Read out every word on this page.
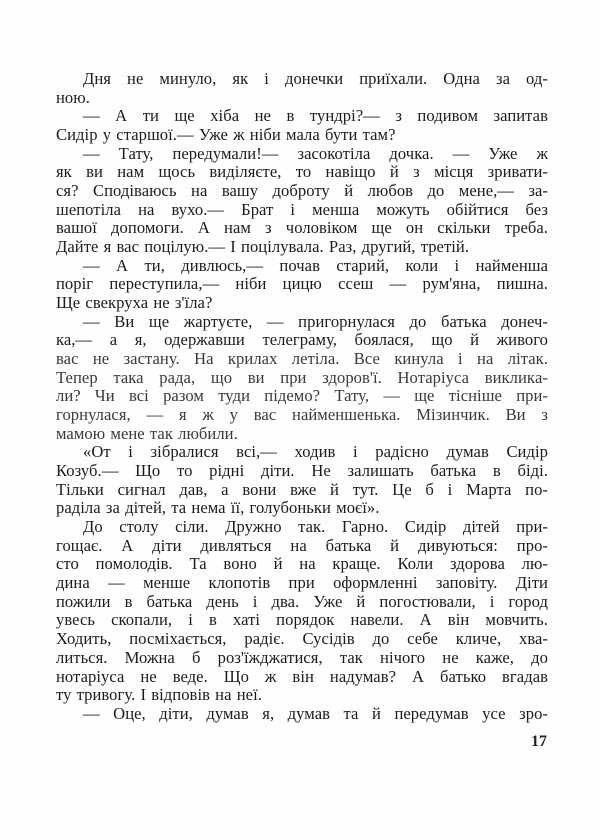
Дня не минуло, як і донечки приїхали. Одна за од-
ною.
— А ти ще хіба не в тундрі?— з подивом запитав
Сидір у старшої.— Уже ж ніби мала бути там?
— Тату, передумали!— засокотіла дочка. — Уже ж
як ви нам щось виділяєте, то навіщо й з місця зривати-
ся? Сподіваюсь на вашу доброту й любов до мене,— за-
шепотіла на вухо.— Брат і менша можуть обійтися без
вашої допомоги. А нам з чоловіком ще он скільки треба.
Дайте я вас поцілую.— І поцілувала. Раз, другий, третій.
— А ти, дивлюсь,— почав старий, коли і найменша
поріг переступила,— ніби цицю ссеш — рум'яна, пишна.
Ще свекруха не з'їла?
— Ви ще жартуєте, — пригорнулася до батька донеч-
ка,— а я, одержавши телеграму, боялася, що й живого
вас не застану. На крилах летіла. Все кинула і на літак.
Тепер така рада, що ви при здоров'ї. Нотаріуса викликa-
ли? Чи всі разом туди підемо? Тату, — ще тісніше при-
горнулася, — я ж у вас найменшенька. Мізинчик. Ви з
мамою мене так любили.
«От і зібралися всі,— ходив і радісно думав Сидір
Козуб.— Що то рідні діти. Не залишать батька в біді.
Тільки сигнал дав, а вони вже й тут. Це б і Марта по-
раділа за дітей, та нема її, голубоньки моєї».
До столу сіли. Дружно так. Гарно. Сидір дітей при-
гощає. А діти дивляться на батька й дивуються: про-
сто помолодів. Та воно й на краще. Коли здорова лю-
дина — менше клопотів при оформленні заповіту. Діти
пожили в батька день і два. Уже й погостювали, і город
увесь скопали, і в хаті порядок навели. А він мовчить.
Ходить, посміхається, радіє. Сусідів до себе кличе, хва-
литься. Можна б роз'їжджатися, так нічого не каже, до
нотаріуса не веде. Що ж він надумав? А батько вгадав
ту тривогу. І відповів на неї.
— Оце, діти, думав я, думав та й передумав усе зро-
17
